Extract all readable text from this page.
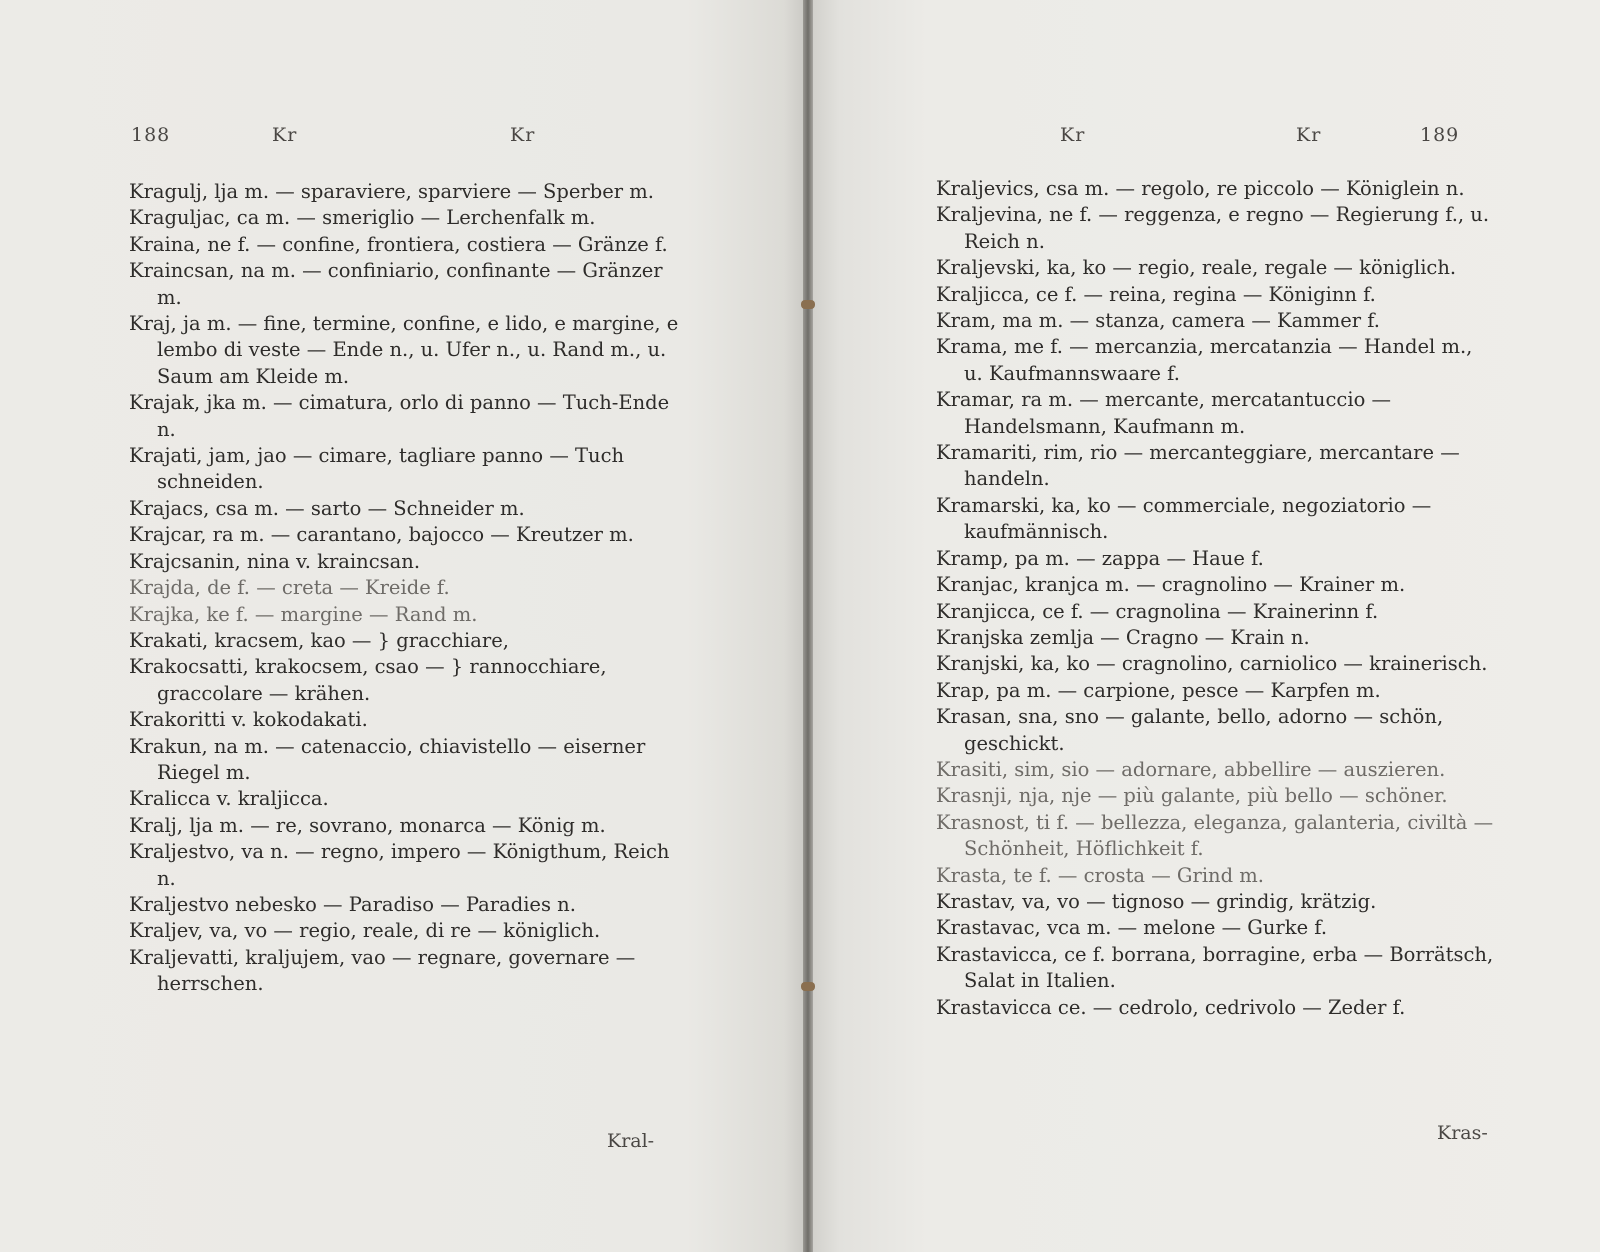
188	Kr	Kr

Kragulj, lja m. — sparaviere, sparviere — Sperber m.

Kraguljac, ca m. — smeriglio — Lerchenfalk m.

Kraina, ne f. — confine, frontiera, costiera — Gränze f.

Kraincsan, na m. — confiniario, confinante — Gränzer m.

Kraj, ja m. — fine, termine, confine, e lido, e margine, e lembo di veste — Ende n., u. Ufer n., u. Rand m., u. Saum am Kleide m.

Krajak, jka m. — cimatura, orlo di panno — Tuch-Ende n.

Krajati, jam, jao — cimare, tagliare panno — Tuch schneiden.

Krajacs, csa m. — sarto — Schneider m.

Krajcar, ra m. — carantano, bajocco — Kreutzer m.

Krajcsanin, nina v. kraincsan.

Krajda, de f. — creta — Kreide f.

Krajka, ke f. — margine — Rand m.

Krakati, kracsem, kao — } gracchiare,

Krakocsatti, krakocsem, csao — } rannocchiare, graccolare — krähen.

Krakoritti v. kokodakati.

Krakun, na m. — catenaccio, chiavistello — eiserner Riegel m.

Kralicca v. kraljicca.

Kralj, lja m. — re, sovrano, monarca — König m.

Kraljestvo, va n. — regno, impero — Königthum, Reich n.

Kraljestvo nebesko — Paradiso — Paradies n.

Kraljev, va, vo — regio, reale, di re — königlich.

Kraljevatti, kraljujem, vao — regnare, governare — herrschen.

Kral-
Kr	Kr	189

Kraljevics, csa m. — regolo, re piccolo — Königlein n.

Kraljevina, ne f. — reggenza, e regno — Regierung f., u. Reich n.

Kraljevski, ka, ko — regio, reale, regale — königlich.

Kraljicca, ce f. — reina, regina — Königinn f.

Kram, ma m. — stanza, camera — Kammer f.

Krama, me f. — mercanzia, mercatanzia — Handel m., u. Kaufmannswaare f.

Kramar, ra m. — mercante, mercatantuccio — Handelsmann, Kaufmann m.

Kramariti, rim, rio — mercanteggiare, mercantare — handeln.

Kramarski, ka, ko — commerciale, negoziatorio — kaufmännisch.

Kramp, pa m. — zappa — Haue f.

Kranjac, kranjca m. — cragnolino — Krainer m.

Kranjicca, ce f. — cragnolina — Krainerinn f.

Kranjska zemlja — Cragno — Krain n.

Kranjski, ka, ko — cragnolino, carniolico — krainerisch.

Krap, pa m. — carpione, pesce — Karpfen m.

Krasan, sna, sno — galante, bello, adorno — schön, geschickt.

Krasiti, sim, sio — adornare, abbellire — auszieren.

Krasnji, nja, nje — più galante, più bello — schöner.

Krasnost, ti f. — bellezza, eleganza, galanteria, civiltà — Schönheit, Höflichkeit f.

Krasta, te f. — crosta — Grind m.

Krastav, va, vo — tignoso — grindig, krätzig.

Krastavac, vca m. — melone — Gurke f.

Krastavicca, ce f. borrana, borragine, erba — Borrätsch, Salat in Italien.

Krastavicca ce. — cedrolo, cedrivolo — Zeder f.

Kras-
